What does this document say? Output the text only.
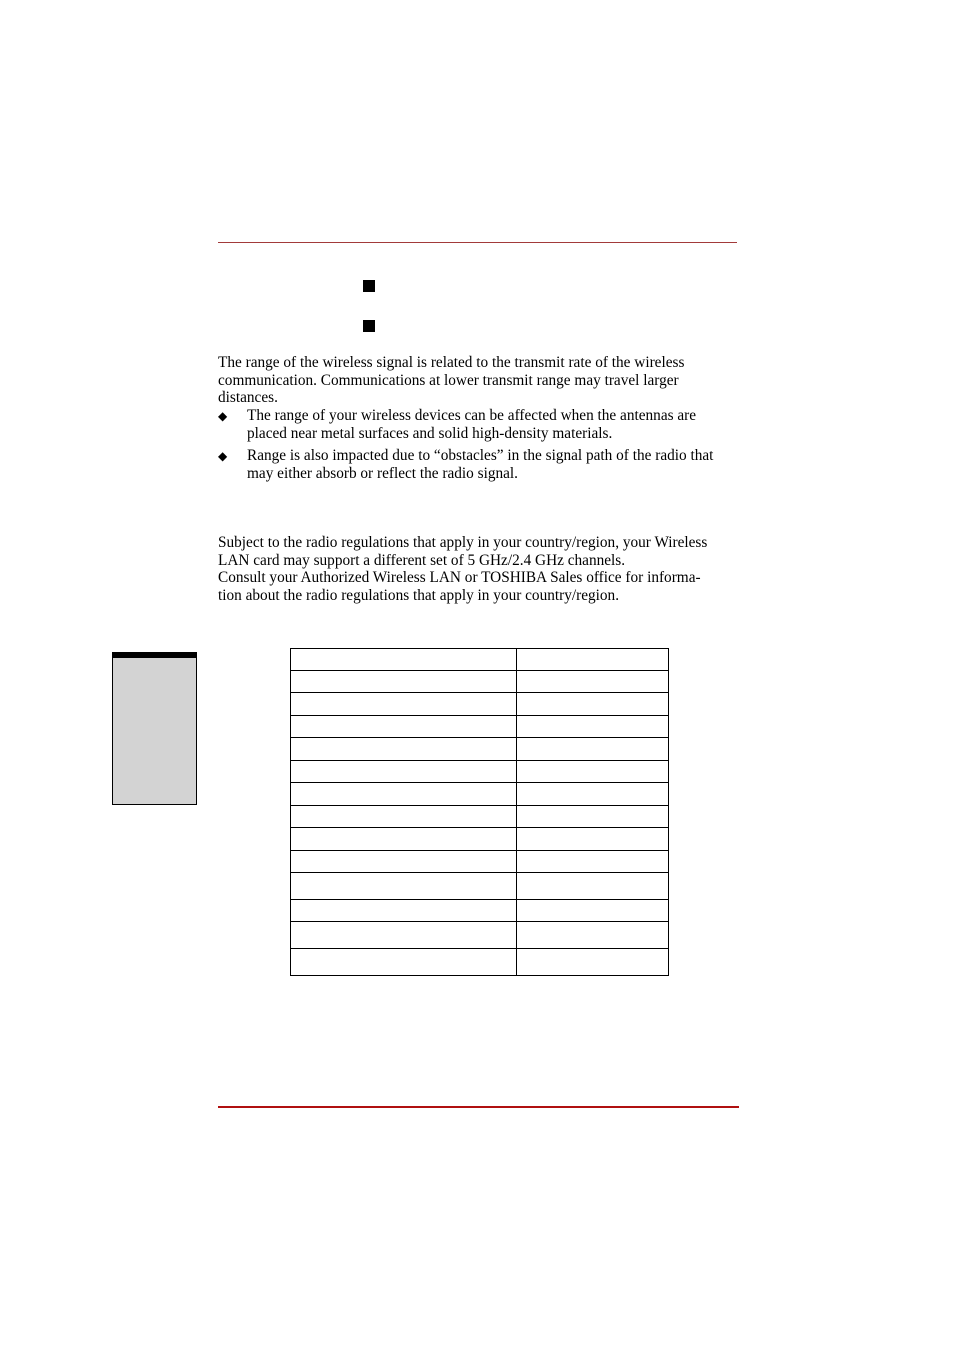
The range of the wireless signal is related to the transmit rate of the wireless
communication. Communications at lower transmit range may travel larger
distances.
◆ The range of your wireless devices can be affected when the antennas are
placed near metal surfaces and solid high-density materials.
◆ Range is also impacted due to “obstacles” in the signal path of the radio that
may either absorb or reflect the radio signal.
Subject to the radio regulations that apply in your country/region, your Wireless
LAN card may support a different set of 5 GHz/2.4 GHz channels.
Consult your Authorized Wireless LAN or TOSHIBA Sales office for informa-
tion about the radio regulations that apply in your country/region.
